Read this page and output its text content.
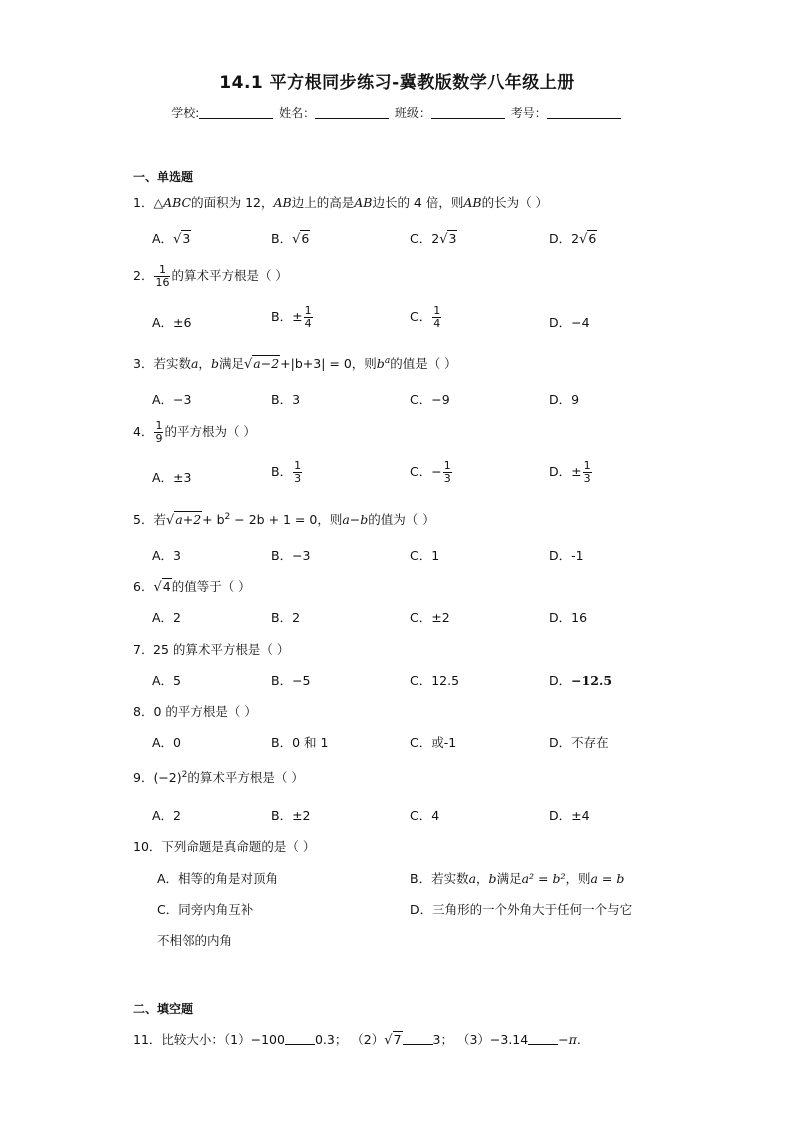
14.1 平方根同步练习-冀教版数学八年级上册
学校:	姓名：	班级：	考号：
一、单选题
1．△ABC的面积为 12，AB边上的高是AB边长的 4 倍，则AB的长为（ ）
A．√3	B．√6	C．2√3	D．2√6
2． $\frac{1}{16}$ 的算术平方根是（ ）
A．±6	B．± $\frac{1}{4}$	C． $\frac{1}{4}$	D．−4
3．若实数a，b满足√a−2+|b+3| = 0，则$b^a$的值是（ ）
A．−3	B．3	C．−9	D．9
4． $\frac{1}{9}$ 的平方根为（ ）
A．±3	B． $\frac{1}{3}$	C．− $\frac{1}{3}$	D．± $\frac{1}{3}$
5．若$√a+2+ b^2 - 2b + 1 = 0$，则a−b的值为（ ）
A．3	B．−3	C．1	D．-1
6．√4的值等于（ ）
A．2	B．2	C．±2	D．16
25 的算术平方根是（ ）
7．
A．5	B．−5	C．12.5	D．−12.5
8．0 的平方根是（ ）
A．0	B．0 和 1	C．或-1	D．不存在
9．$(-2)^2$的算术平方根是（ ）
A．2	B．±2	C．4	D．±4
10．下列命题是真命题的是（ ）
A．相等的角是对顶角	B．若实数a，b满足a² = b²，则a = b
C．同旁内角互补	D．三角形的一个外角大于任何一个与它
不相邻的内角
二、填空题
11．比较大小：（1）−100 0.3； （2）√7 3； （3）−3.14 −π.
